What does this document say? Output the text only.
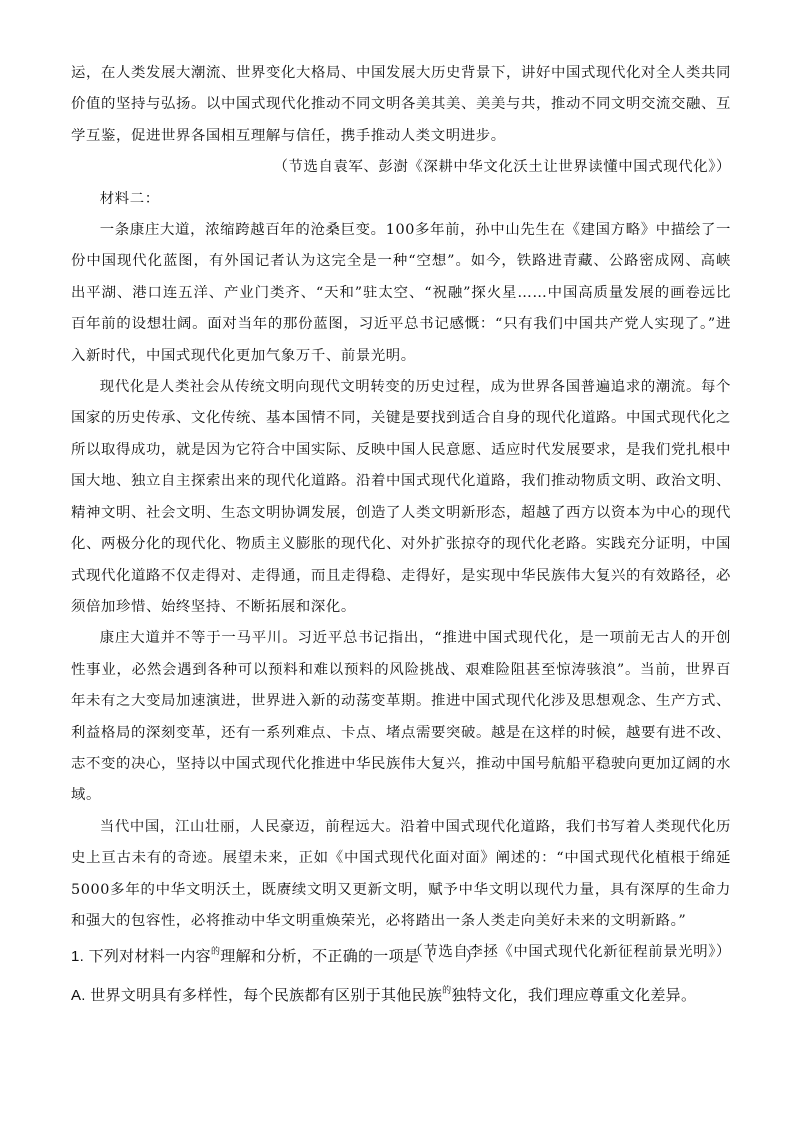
运，在人类发展大潮流、世界变化大格局、中国发展大历史背景下，讲好中国式现代化对全人类共同价值的坚持与弘扬。以中国式现代化推动不同文明各美其美、美美与共，推动不同文明交流交融、互学互鉴，促进世界各国相互理解与信任，携手推动人类文明进步。

（节选自袁军、彭澍《深耕中华文化沃土让世界读懂中国式现代化》）

材料二：

一条康庄大道，浓缩跨越百年的沧桑巨变。100多年前，孙中山先生在《建国方略》中描绘了一份中国现代化蓝图，有外国记者认为这完全是一种“空想”。如今，铁路进青藏、公路密成网、高峡出平湖、港口连五洋、产业门类齐、“天和”驻太空、“祝融”探火星……中国高质量发展的画卷远比百年前的设想壮阔。面对当年的那份蓝图，习近平总书记感慨：“只有我们中国共产党人实现了。”进入新时代，中国式现代化更加气象万千、前景光明。

现代化是人类社会从传统文明向现代文明转变的历史过程，成为世界各国普遍追求的潮流。每个国家的历史传承、文化传统、基本国情不同，关键是要找到适合自身的现代化道路。中国式现代化之所以取得成功，就是因为它符合中国实际、反映中国人民意愿、适应时代发展要求，是我们党扎根中国大地、独立自主探索出来的现代化道路。沿着中国式现代化道路，我们推动物质文明、政治文明、精神文明、社会文明、生态文明协调发展，创造了人类文明新形态，超越了西方以资本为中心的现代化、两极分化的现代化、物质主义膨胀的现代化、对外扩张掠夺的现代化老路。实践充分证明，中国式现代化道路不仅走得对、走得通，而且走得稳、走得好，是实现中华民族伟大复兴的有效路径，必须倍加珍惜、始终坚持、不断拓展和深化。

康庄大道并不等于一马平川。习近平总书记指出，“推进中国式现代化，是一项前无古人的开创性事业，必然会遇到各种可以预料和难以预料的风险挑战、艰难险阻甚至惊涛骇浪”。当前，世界百年未有之大变局加速演进，世界进入新的动荡变革期。推进中国式现代化涉及思想观念、生产方式、利益格局的深刻变革，还有一系列难点、卡点、堵点需要突破。越是在这样的时候，越要有进不改、志不变的决心，坚持以中国式现代化推进中华民族伟大复兴，推动中国号航船平稳驶向更加辽阔的水域。

当代中国，江山壮丽，人民豪迈，前程远大。沿着中国式现代化道路，我们书写着人类现代化历史上亘古未有的奇迹。展望未来，正如《中国式现代化面对面》阐述的：“中国式现代化植根于绵延5000多年的中华文明沃土，既赓续文明又更新文明，赋予中华文明以现代力量，具有深厚的生命力和强大的包容性，必将推动中华文明重焕荣光，必将踏出一条人类走向美好未来的文明新路。”

（节选自李拯《中国式现代化新征程前景光明》）

1. 下列对材料一内容$^的$理解和分析，不正确的一项是（　　）

A. 世界文明具有多样性，每个民族都有区别于其他民族$^的$独特文化，我们理应尊重文化差异。
